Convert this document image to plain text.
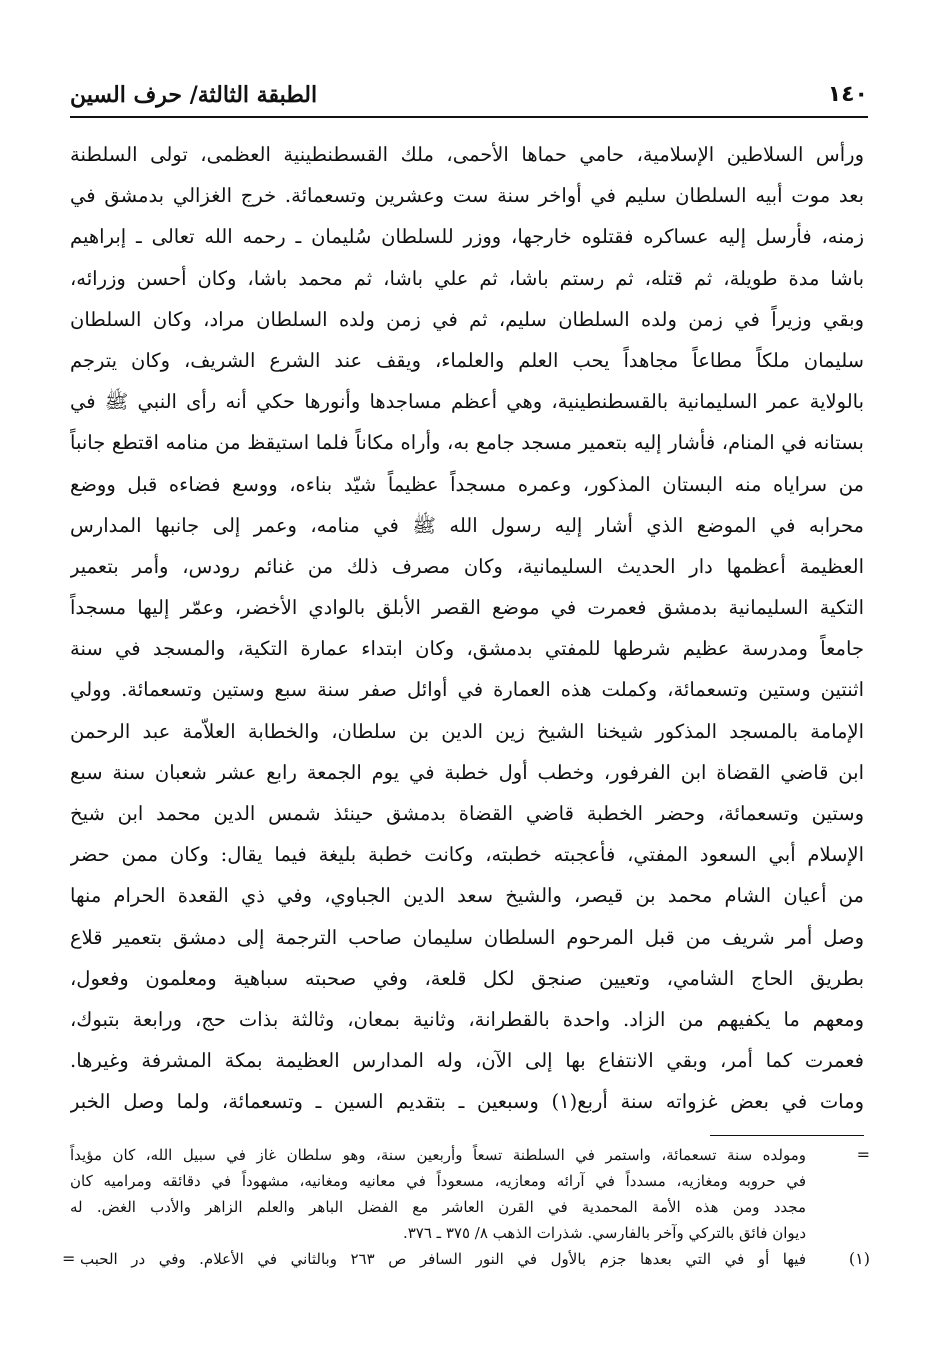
١٤٠
الطبقة الثالثة/ حرف السين
ورأس السلاطين الإسلامية، حامي حماها الأحمى، ملك القسطنطينية العظمى، تولى السلطنة
بعد موت أبيه السلطان سليم في أواخر سنة ست وعشرين وتسعمائة. خرج الغزالي بدمشق في
زمنه، فأرسل إليه عساكره فقتلوه خارجها، ووزر للسلطان سُليمان ـ رحمه الله تعالى ـ إبراهيم
باشا مدة طويلة، ثم قتله، ثم رستم باشا، ثم علي باشا، ثم محمد باشا، وكان أحسن وزرائه،
وبقي وزيراً في زمن ولده السلطان سليم، ثم في زمن ولده السلطان مراد، وكان السلطان
سليمان ملكاً مطاعاً مجاهداً يحب العلم والعلماء، ويقف عند الشرع الشريف، وكان يترجم
بالولاية عمر السليمانية بالقسطنطينية، وهي أعظم مساجدها وأنورها حكي أنه رأى النبي ﷺ في
بستانه في المنام، فأشار إليه بتعمير مسجد جامع به، وأراه مكاناً فلما استيقظ من منامه اقتطع جانباً
من سراياه منه البستان المذكور، وعمره مسجداً عظيماً شيّد بناءه، ووسع فضاءه قبل ووضع
محرابه في الموضع الذي أشار إليه رسول الله ﷺ في منامه، وعمر إلى جانبها المدارس
العظيمة أعظمها دار الحديث السليمانية، وكان مصرف ذلك من غنائم رودس، وأمر بتعمير
التكية السليمانية بدمشق فعمرت في موضع القصر الأبلق بالوادي الأخضر، وعمّر إليها مسجداً
جامعاً ومدرسة عظيم شرطها للمفتي بدمشق، وكان ابتداء عمارة التكية، والمسجد في سنة
اثنتين وستين وتسعمائة، وكملت هذه العمارة في أوائل صفر سنة سبع وستين وتسعمائة. وولي
الإمامة بالمسجد المذكور شيخنا الشيخ زين الدين بن سلطان، والخطابة العلاّمة عبد الرحمن
ابن قاضي القضاة ابن الفرفور، وخطب أول خطبة في يوم الجمعة رابع عشر شعبان سنة سبع
وستين وتسعمائة، وحضر الخطبة قاضي القضاة بدمشق حينئذ شمس الدين محمد ابن شيخ
الإسلام أبي السعود المفتي، فأعجبته خطبته، وكانت خطبة بليغة فيما يقال: وكان ممن حضر
من أعيان الشام محمد بن قيصر، والشيخ سعد الدين الجباوي، وفي ذي القعدة الحرام منها
وصل أمر شريف من قبل المرحوم السلطان سليمان صاحب الترجمة إلى دمشق بتعمير قلاع
بطريق الحاج الشامي، وتعيين صنجق لكل قلعة، وفي صحبته سباهية ومعلمون وفعول،
ومعهم ما يكفيهم من الزاد. واحدة بالقطرانة، وثانية بمعان، وثالثة بذات حج، ورابعة بتبوك،
فعمرت كما أمر، وبقي الانتفاع بها إلى الآن، وله المدارس العظيمة بمكة المشرفة وغيرها.
ومات في بعض غزواته سنة أربع(١) وسبعين ـ بتقديم السين ـ وتسعمائة، ولما وصل الخبر
=
ومولده سنة تسعمائة، واستمر في السلطنة تسعاً وأربعين سنة، وهو سلطان غاز في سبيل الله، كان مؤيداً
في حروبه ومغازيه، مسدداً في آرائه ومعازيه، مسعوداً في معانيه ومغانيه، مشهوداً في دقائقه ومراميه كان
مجدد ومن هذه الأمة المحمدية في القرن العاشر مع الفضل الباهر والعلم الزاهر والأدب الغض. له
ديوان فائق بالتركي وآخر بالفارسي. شذرات الذهب ٨/ ٣٧٥ ـ ٣٧٦.
(١)
فيها أو في التي بعدها جزم بالأول في النور السافر ص ٢٦٣ وبالثاني في الأعلام. وفي در الحبب
=
